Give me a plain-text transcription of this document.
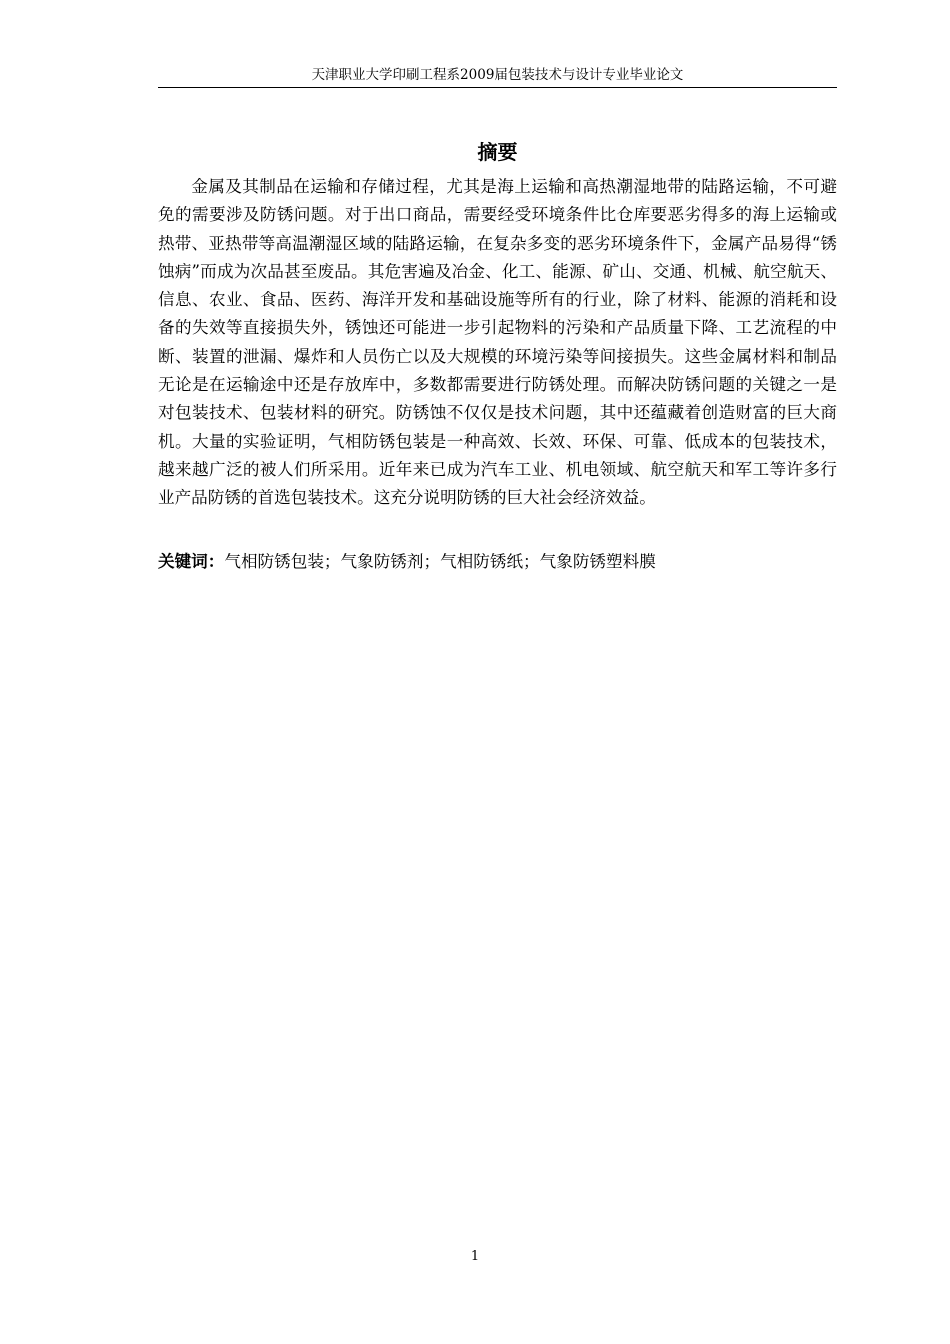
天津职业大学印刷工程系2009届包装技术与设计专业毕业论文
摘要

金属及其制品在运输和存储过程，尤其是海上运输和高热潮湿地带的陆路运输，不可避免的需要涉及防锈问题。对于出口商品，需要经受环境条件比仓库要恶劣得多的海上运输或热带、亚热带等高温潮湿区域的陆路运输，在复杂多变的恶劣环境条件下，金属产品易得“锈蚀病”而成为次品甚至废品。其危害遍及冶金、化工、能源、矿山、交通、机械、航空航天、信息、农业、食品、医药、海洋开发和基础设施等所有的行业，除了材料、能源的消耗和设备的失效等直接损失外，锈蚀还可能进一步引起物料的污染和产品质量下降、工艺流程的中断、装置的泄漏、爆炸和人员伤亡以及大规模的环境污染等间接损失。这些金属材料和制品无论是在运输途中还是存放库中，多数都需要进行防锈处理。而解决防锈问题的关键之一是对包装技术、包装材料的研究。防锈蚀不仅仅是技术问题，其中还蕴藏着创造财富的巨大商机。大量的实验证明，气相防锈包装是一种高效、长效、环保、可靠、低成本的包装技术，越来越广泛的被人们所采用。近年来已成为汽车工业、机电领域、航空航天和军工等许多行业产品防锈的首选包装技术。这充分说明防锈的巨大社会经济效益。

关键词：气相防锈包装；气象防锈剂；气相防锈纸；气象防锈塑料膜

1
